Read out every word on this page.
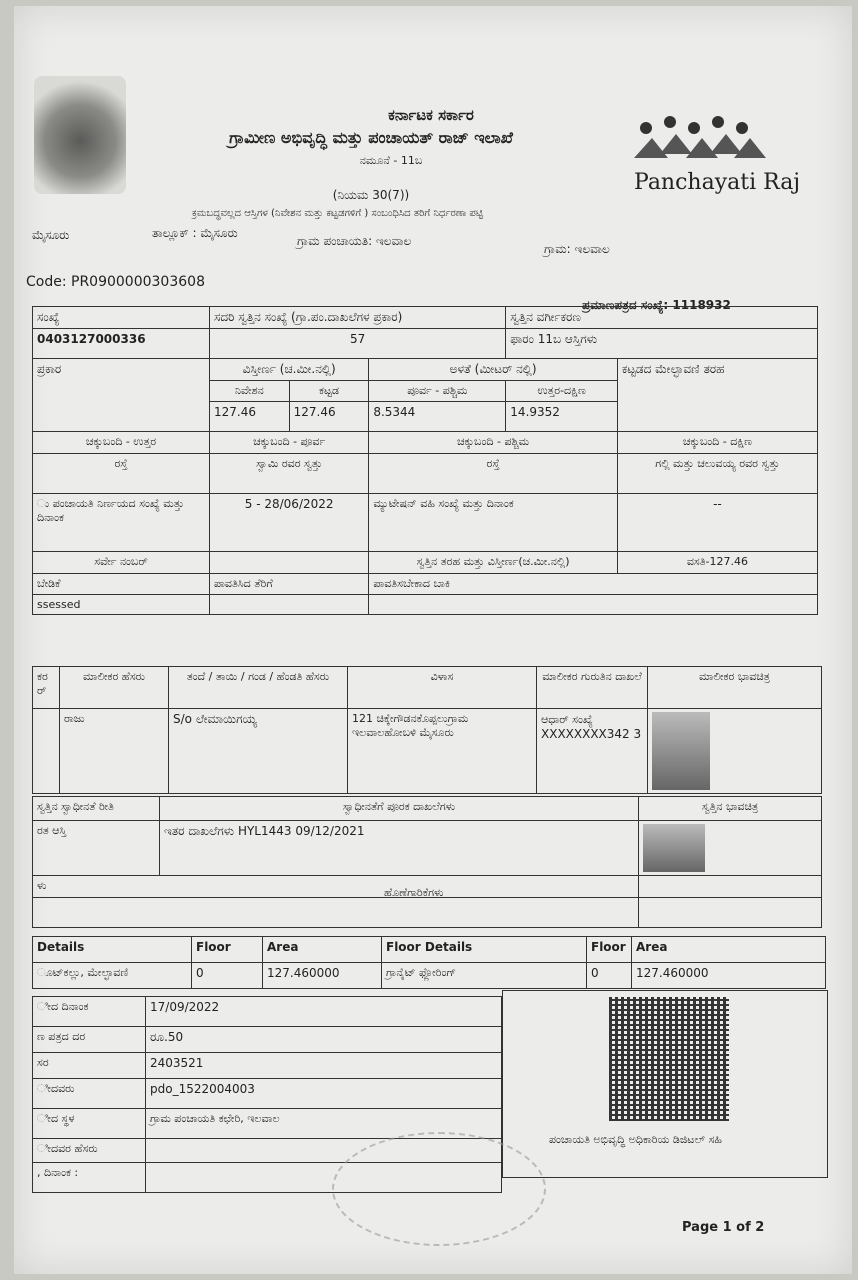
ಕರ್ನಾಟಕ ಸರ್ಕಾರ
ಗ್ರಾಮೀಣ ಅಭಿವೃದ್ಧಿ ಮತ್ತು ಪಂಚಾಯತ್ ರಾಜ್ ಇಲಾಖೆ
ನಮೂನೆ - 11ಬ
(ನಿಯಮ 30(7))
ಕ್ರಮಬದ್ಧವಲ್ಲದ ಆಸ್ತಿಗಳ (ನಿವೇಶನ ಮತ್ತು ಕಟ್ಟಡಗಳಿಗೆ ) ಸಂಬಂಧಿಸಿದ ತರಿಗೆ ನಿರ್ಧರಣಾ ಪಟ್ಟಿ
Panchayati Raj
ಮೈಸೂರು	ತಾಲ್ಲೂಕ್ : ಮೈಸೂರು
ಗ್ರಾಮ ಪಂಚಾಯತಿ: ಇಲವಾಲ
ಗ್ರಾಮ: ಇಲವಾಲ
Code: PR0900000303608
ಪ್ರಮಾಣಪತ್ರದ ಸಂಖ್ಯೆ: 1118932
ಸಂಖ್ಯೆ	ಸದರಿ ಸ್ವತ್ತಿನ ಸಂಖ್ಯೆ (ಗ್ರಾ.ಪಂ.ದಾಖಲೆಗಳ ಪ್ರಕಾರ)			ಸ್ವತ್ತಿನ ವರ್ಗೀಕರಣ	
0403127000336	57			ಫಾರಂ 11ಬ ಆಸ್ತಿಗಳು	
ಪ್ರಕಾರ	ವಿಸ್ತೀರ್ಣ (ಚ.ಮೀ.ನಲ್ಲಿ)		ಅಳತೆ (ಮೀಟರ್ ನಲ್ಲಿ)		ಕಟ್ಟಡದ ಮೇಲ್ಛಾವಣಿ ತರಹ
	ನಿವೇಶನ	ಕಟ್ಟಡ	ಪೂರ್ವ - ಪಶ್ಚಿಮ	ಉತ್ತರ-ದಕ್ಷಿಣ	
	127.46	127.46	8.5344	14.9352	
ಚಕ್ಕುಬಂದಿ - ಉತ್ತರ	ಚಕ್ಕುಬಂದಿ - ಪೂರ್ವ		ಚಕ್ಕುಬಂದಿ - ಪಶ್ಚಿಮ		ಚಕ್ಕುಬಂದಿ - ದಕ್ಷಿಣ
ರಸ್ತೆ	ಸ್ವಾಮಿ ರವರ ಸ್ವತ್ತು		ರಸ್ತೆ		ಗಲ್ಲಿ ಮತ್ತು ಚಲುವಯ್ಯ ರವರ ಸ್ವತ್ತು
ು ಪಂಚಾಯತಿ ನಿರ್ಣಯದ ಸಂಖ್ಯೆ ಮತ್ತು ದಿನಾಂಕ	5 - 28/06/2022		ಮ್ಯುಟೇಷನ್ ವಹಿ ಸಂಖ್ಯೆ ಮತ್ತು ದಿನಾಂಕ		--
ಸರ್ವೇ ನಂಬರ್			ಸ್ವತ್ತಿನ ತರಹ ಮತ್ತು ವಿಸ್ತೀರ್ಣ(ಚ.ಮೀ.ನಲ್ಲಿ)		ವಸತಿ-127.46
ಬೇಡಿಕೆ	ಪಾವತಿಸಿದ ತೆರಿಗೆ		ಪಾವತಿಸಬೇಕಾದ ಬಾಕಿ		
ssessed					
ಕರ ರ್	ಮಾಲೀಕರ ಹೆಸರು	ತಂದೆ / ತಾಯಿ / ಗಂಡ / ಹೆಂಡತಿ ಹೆಸರು	ವಿಳಾಸ	ಮಾಲೀಕರ ಗುರುತಿನ ದಾಖಲೆ	ಮಾಲೀಕರ ಭಾವಚಿತ್ರ
	ರಾಜು	S/o ಲೇಮಾಯಿಗಯ್ಯ	121 ಚಿಕ್ಕೇಗೌಡನಕೊಪ್ಪಲುಗ್ರಾಮ ಇಲವಾಲಹೋಬಳಿ ಮೈಸೂರು	ಆಧಾರ್ ಸಂಖ್ಯೆ
XXXXXXXX342 3	
ಸ್ವತ್ತಿನ ಸ್ವಾಧೀನತೆ ರೀತಿ	ಸ್ವಾಧೀನತೆಗೆ ಪೂರಕ ದಾಖಲೆಗಳು	ಸ್ವತ್ತಿನ ಭಾವಚಿತ್ರ
ರತ ಆಸ್ತಿ	ಇತರ ದಾಖಲೆಗಳು HYL1443 09/12/2021	

ಳು		

ಹೊಣೆಗಾರಿಕೆಗಳು
Details	Floor	Area	Floor Details	Floor	Area
ೂಟ್‌ಕಲ್ಲು, ಮೇಲ್ಛಾವಣಿ	0	127.460000	ಗ್ರಾನೈಟ್ ಫ್ಲೋರಿಂಗ್	0	127.460000
ೀದ ದಿನಾಂಕ	17/09/2022
ಣ ಪತ್ರದ ದರ	ರೂ.50
ಸರ	2403521
ೀದವರು	pdo_1522004003
ೀದ ಸ್ಥಳ	ಗ್ರಾಮ ಪಂಚಾಯತಿ ಕಛೇರಿ, ಇಲವಾಲ
ೀದವರ ಹೆಸರು	
, ದಿನಾಂಕ :	
ಪಂಚಾಯತಿ ಅಭಿವೃದ್ಧಿ ಅಧಿಕಾರಿಯ ಡಿಜಿಟಲ್ ಸಹಿ
Page 1 of 2
